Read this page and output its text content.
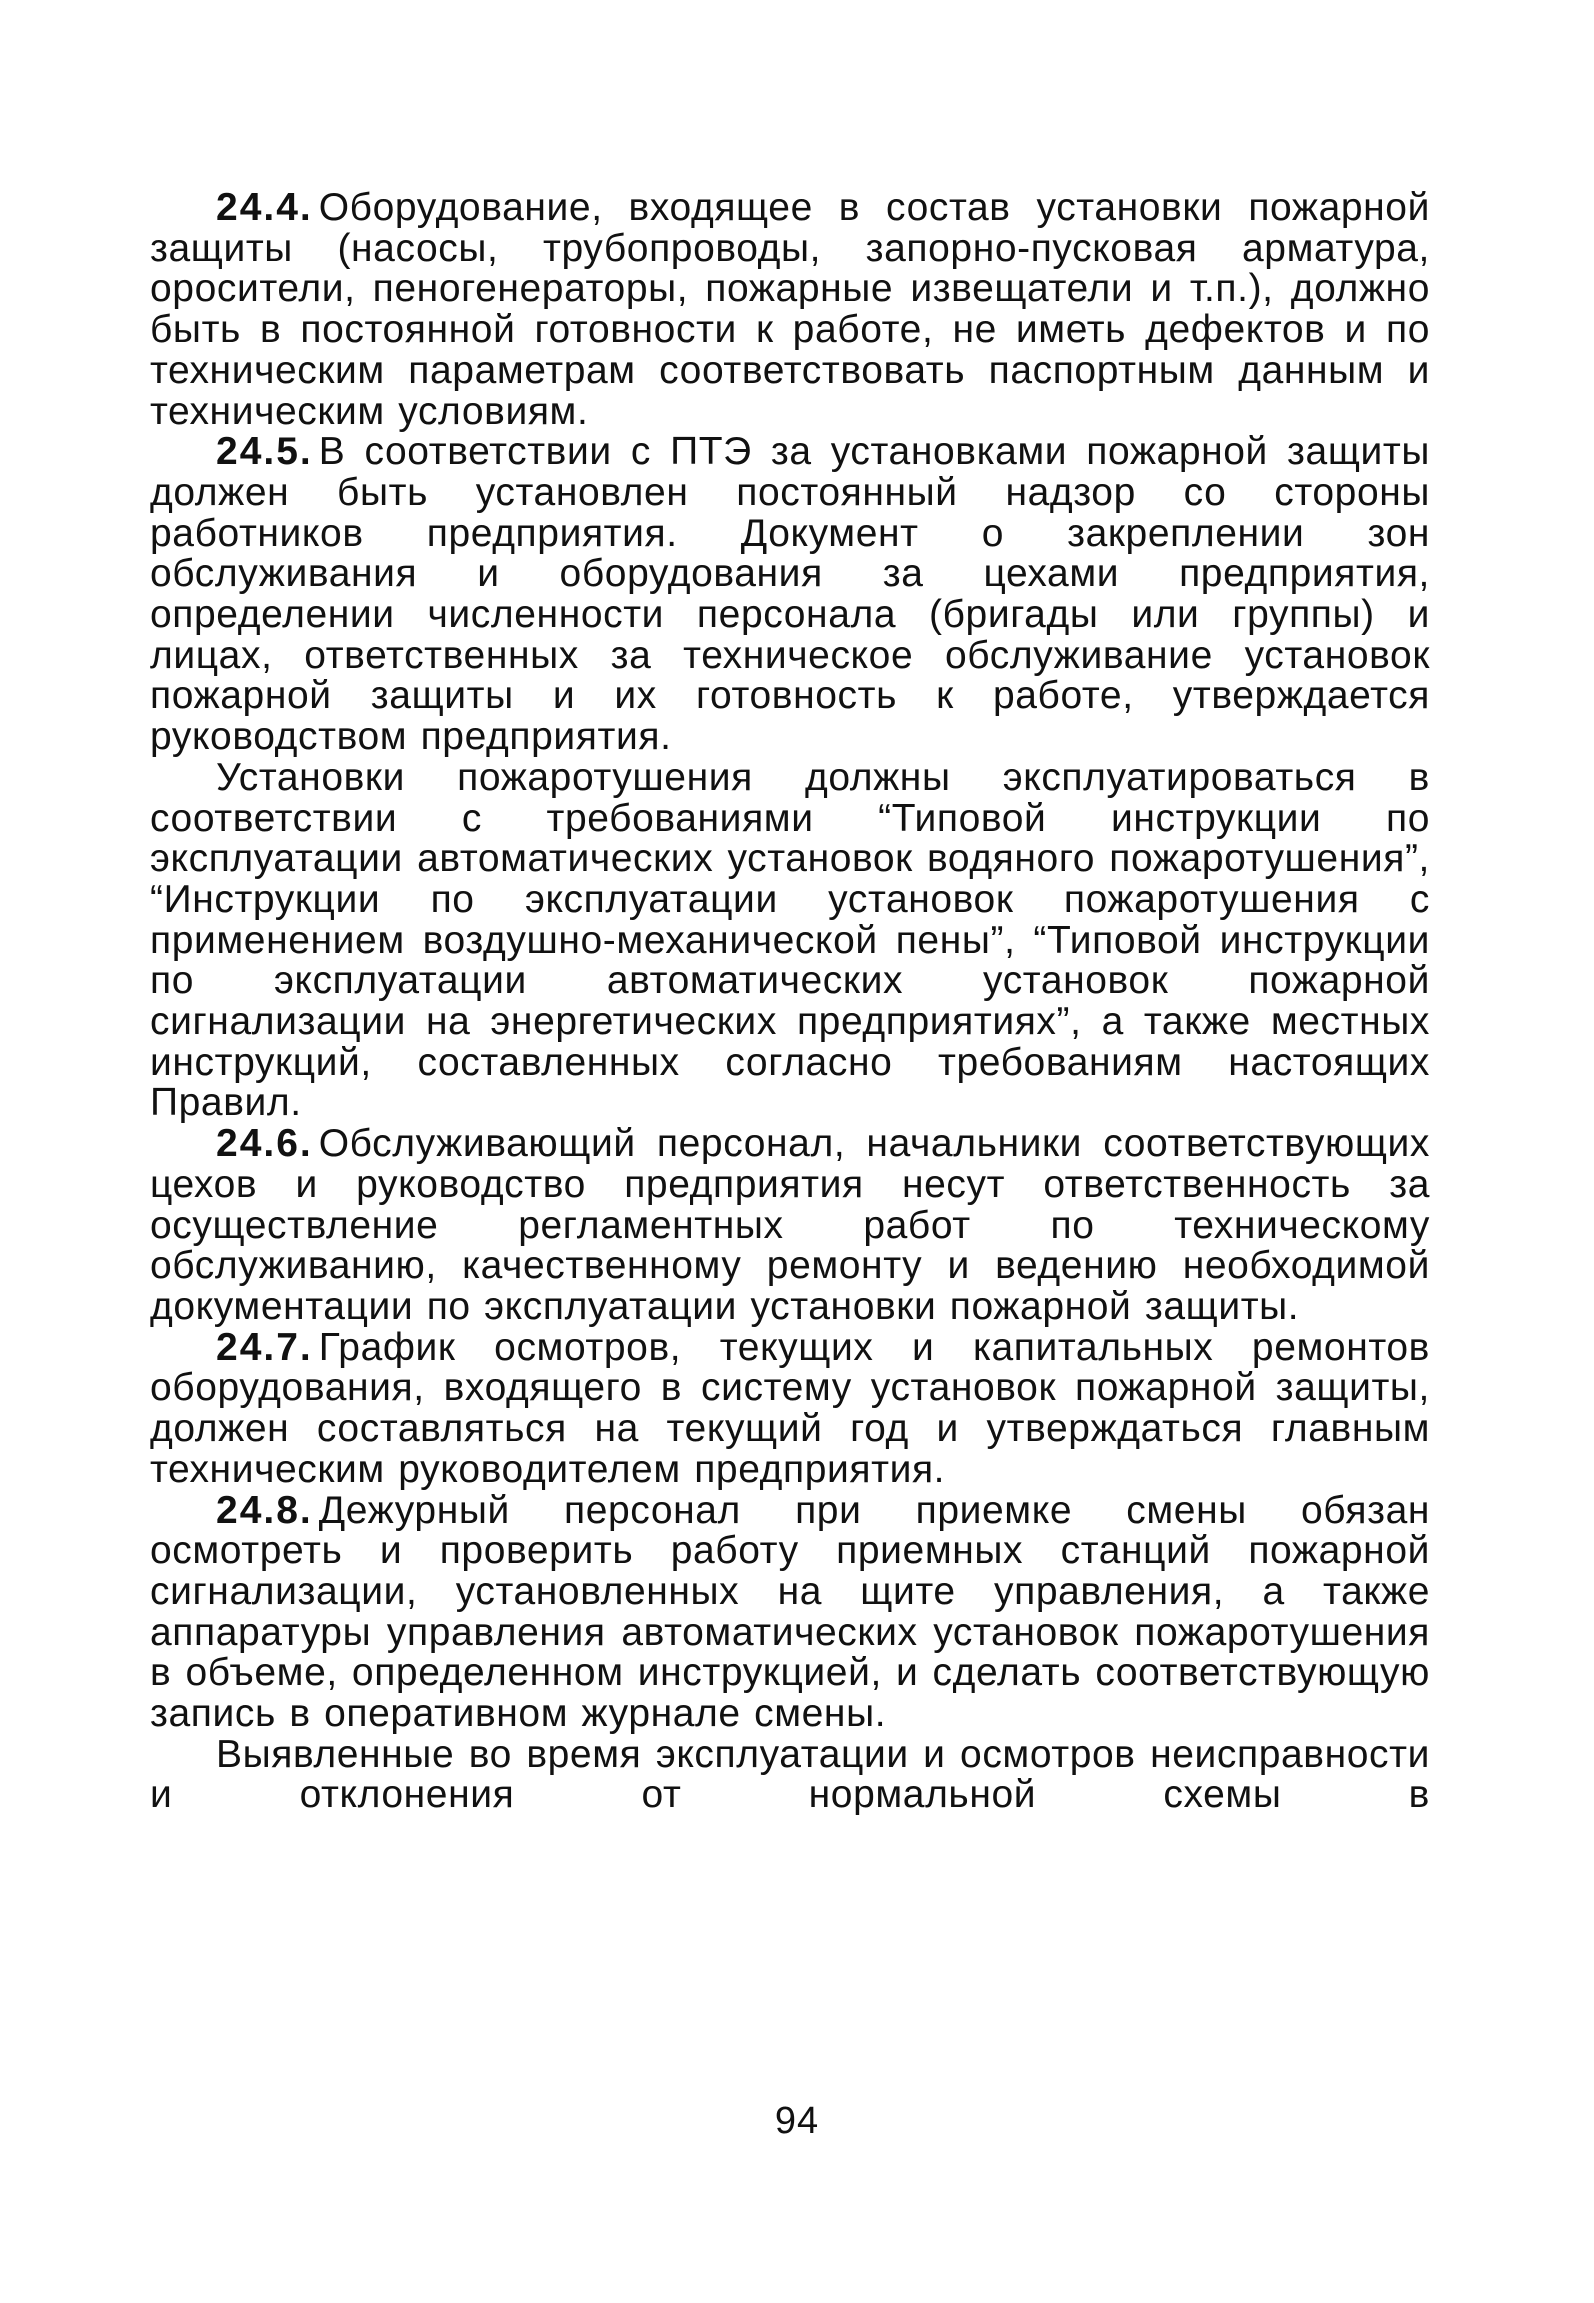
24.4. Оборудование, входящее в состав установки пожарной защиты (насосы, трубопроводы, запорно-пусковая арматура, оросители, пеногенераторы, пожарные извещатели и т.п.), должно быть в постоянной готовности к работе, не иметь дефектов и по техническим параметрам соответствовать паспортным данным и техническим условиям.

24.5. В соответствии с ПТЭ за установками пожарной защиты должен быть установлен постоянный надзор со стороны работников предприятия. Документ о закреплении зон обслуживания и оборудования за цехами предприятия, определении численности персонала (бригады или группы) и лицах, ответственных за техническое обслуживание установок пожарной защиты и их готовность к работе, утверждается руководством предприятия.

Установки пожаротушения должны эксплуатироваться в соответствии с требованиями “Типовой инструкции по эксплуатации автоматических установок водяного пожаротушения”, “Инструкции по эксплуатации установок пожаротушения с применением воздушно-механической пены”, “Типовой инструкции по эксплуатации автоматических установок пожарной сигнализации на энергетических предприятиях”, а также местных инструкций, составленных согласно требованиям настоящих Правил.

24.6. Обслуживающий персонал, начальники соответствующих цехов и руководство предприятия несут ответственность за осуществление регламентных работ по техническому обслуживанию, качественному ремонту и ведению необходимой документации по эксплуатации установки пожарной защиты.

24.7. График осмотров, текущих и капитальных ремонтов оборудования, входящего в систему установок пожарной защиты, должен составляться на текущий год и утверждаться главным техническим руководителем предприятия.

24.8. Дежурный персонал при приемке смены обязан осмотреть и проверить работу приемных станций пожарной сигнализации, установленных на щите управления, а также аппаратуры управления автоматических установок пожаротушения в объеме, определенном инструкцией, и сделать соответствующую запись в оперативном журнале смены.

Выявленные во время эксплуатации и осмотров неисправности и отклонения от нормальной схемы в

94
